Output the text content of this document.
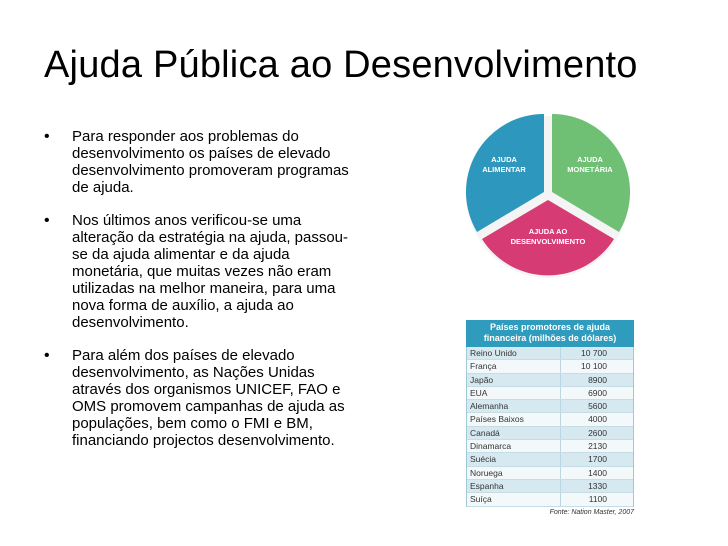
Ajuda Pública ao Desenvolvimento
• Para responder aos problemas do desenvolvimento os países de elevado desenvolvimento promoveram programas de ajuda.
• Nos últimos anos verificou-se uma alteração da estratégia na ajuda, passou-se da ajuda alimentar e da ajuda monetária, que muitas vezes não eram utilizadas na melhor maneira, para uma nova forma de auxílio, a ajuda ao desenvolvimento.
• Para além dos países de elevado desenvolvimento, as Nações Unidas através dos organismos UNICEF, FAO e OMS promovem campanhas de ajuda as populações, bem como o FMI e BM, financiando projectos desenvolvimento.
AJUDA
ALIMENTAR
AJUDA
MONETÁRIA
AJUDA AO
DESENVOLVIMENTO
Países promotores de ajuda financeira (milhões de dólares)
Reino Unido	10 700
França	10 100
Japão	8900
EUA	6900
Alemanha	5600
Países Baixos	4000
Canadá	2600
Dinamarca	2130
Suécia	1700
Noruega	1400
Espanha	1330
Suíça	1100
Fonte: Nation Master, 2007
